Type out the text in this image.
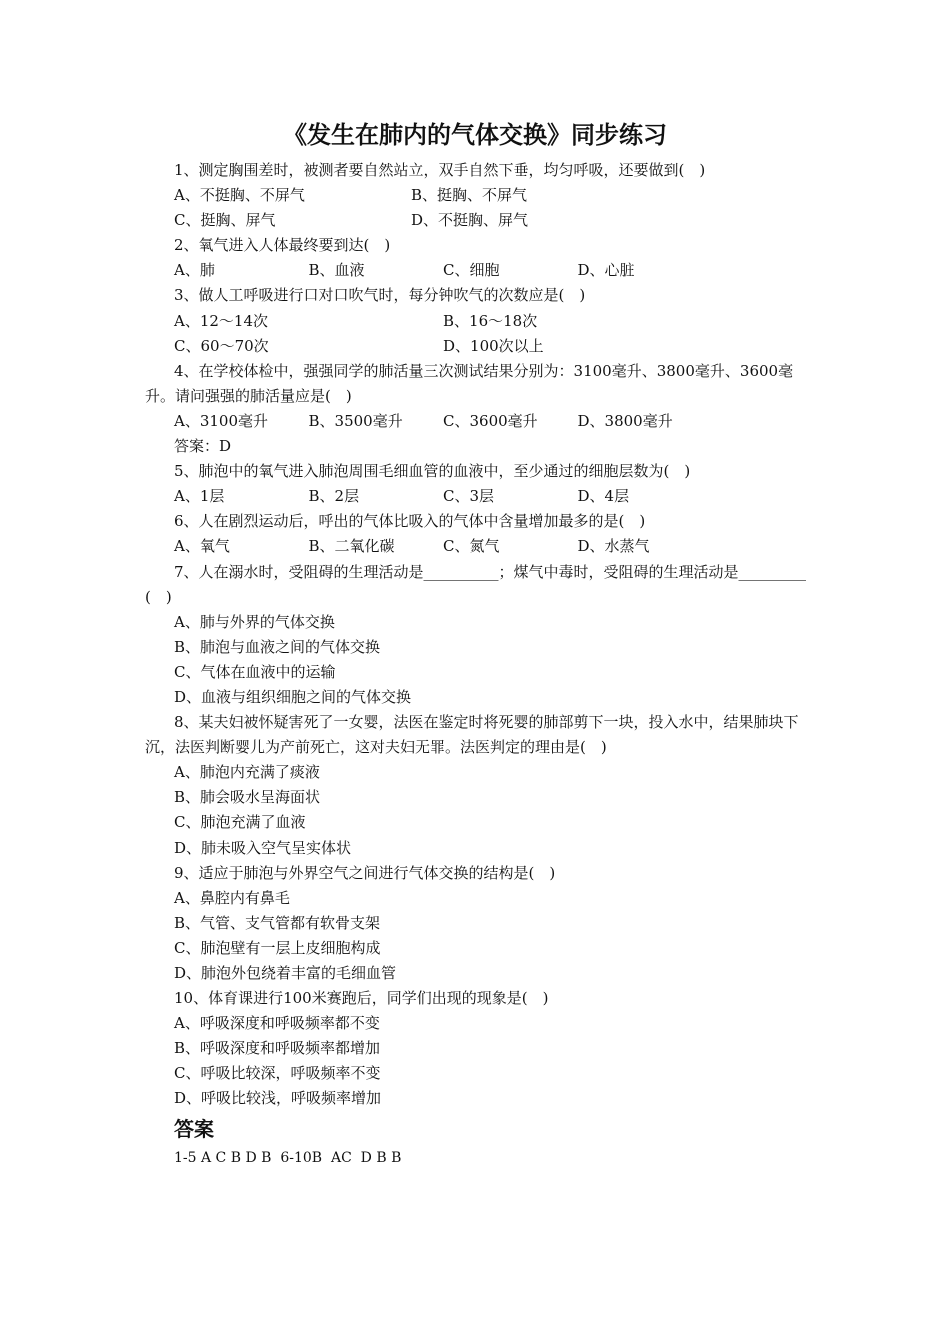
《发生在肺内的气体交换》同步练习

1、测定胸围差时，被测者要自然站立，双手自然下垂，均匀呼吸，还要做到(　)

A、不挺胸、不屏气	B、挺胸、不屏气
C、挺胸、屏气	D、不挺胸、屏气

2、氧气进入人体最终要到达(　)

A、肺	B、血液	C、细胞	D、心脏

3、做人工呼吸进行口对口吹气时，每分钟吹气的次数应是(　)

A、12～14次	B、16～18次
C、60～70次	D、100次以上

4、在学校体检中，强强同学的肺活量三次测试结果分别为：3100毫升、3800毫升、3600毫升。请问强强的肺活量应是(　)

A、3100毫升	B、3500毫升	C、3600毫升	D、3800毫升

答案：D

5、肺泡中的氧气进入肺泡周围毛细血管的血液中，至少通过的细胞层数为(　)

A、1层	B、2层	C、3层	D、4层

6、人在剧烈运动后，呼出的气体比吸入的气体中含量增加最多的是(　)

A、氧气	B、二氧化碳	C、氮气	D、水蒸气

7、人在溺水时，受阻碍的生理活动是__________；煤气中毒时，受阻碍的生理活动是_________(　)

A、肺与外界的气体交换
B、肺泡与血液之间的气体交换
C、气体在血液中的运输
D、血液与组织细胞之间的气体交换

8、某夫妇被怀疑害死了一女婴，法医在鉴定时将死婴的肺部剪下一块，投入水中，结果肺块下沉，法医判断婴儿为产前死亡，这对夫妇无罪。法医判定的理由是(　)

A、肺泡内充满了痰液
B、肺会吸水呈海面状
C、肺泡充满了血液
D、肺未吸入空气呈实体状

9、适应于肺泡与外界空气之间进行气体交换的结构是(　)

A、鼻腔内有鼻毛
B、气管、支气管都有软骨支架
C、肺泡壁有一层上皮细胞构成
D、肺泡外包绕着丰富的毛细血管

10、体育课进行100米赛跑后，同学们出现的现象是(　)

A、呼吸深度和呼吸频率都不变
B、呼吸深度和呼吸频率都增加
C、呼吸比较深，呼吸频率不变
D、呼吸比较浅，呼吸频率增加
答案
1-5 A C B D B  6-10B  AC  D B B
